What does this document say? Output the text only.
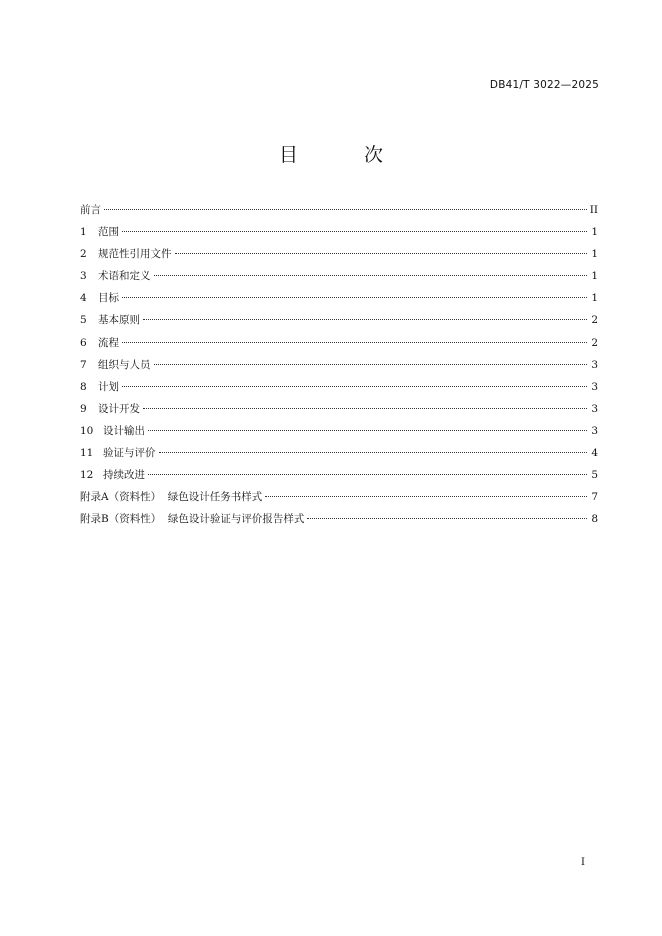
DB41/T 3022—2025
目 次
前言	II
1	范围	1
2	规范性引用文件	1
3	术语和定义	1
4	目标	1
5	基本原则	2
6	流程	2
7	组织与人员	3
8	计划	3
9	设计开发	3
10 设计输出	3
11 验证与评价	4
12 持续改进	5
附录A（资料性）  绿色设计任务书样式	7
附录B（资料性）  绿色设计验证与评价报告样式	8
I
